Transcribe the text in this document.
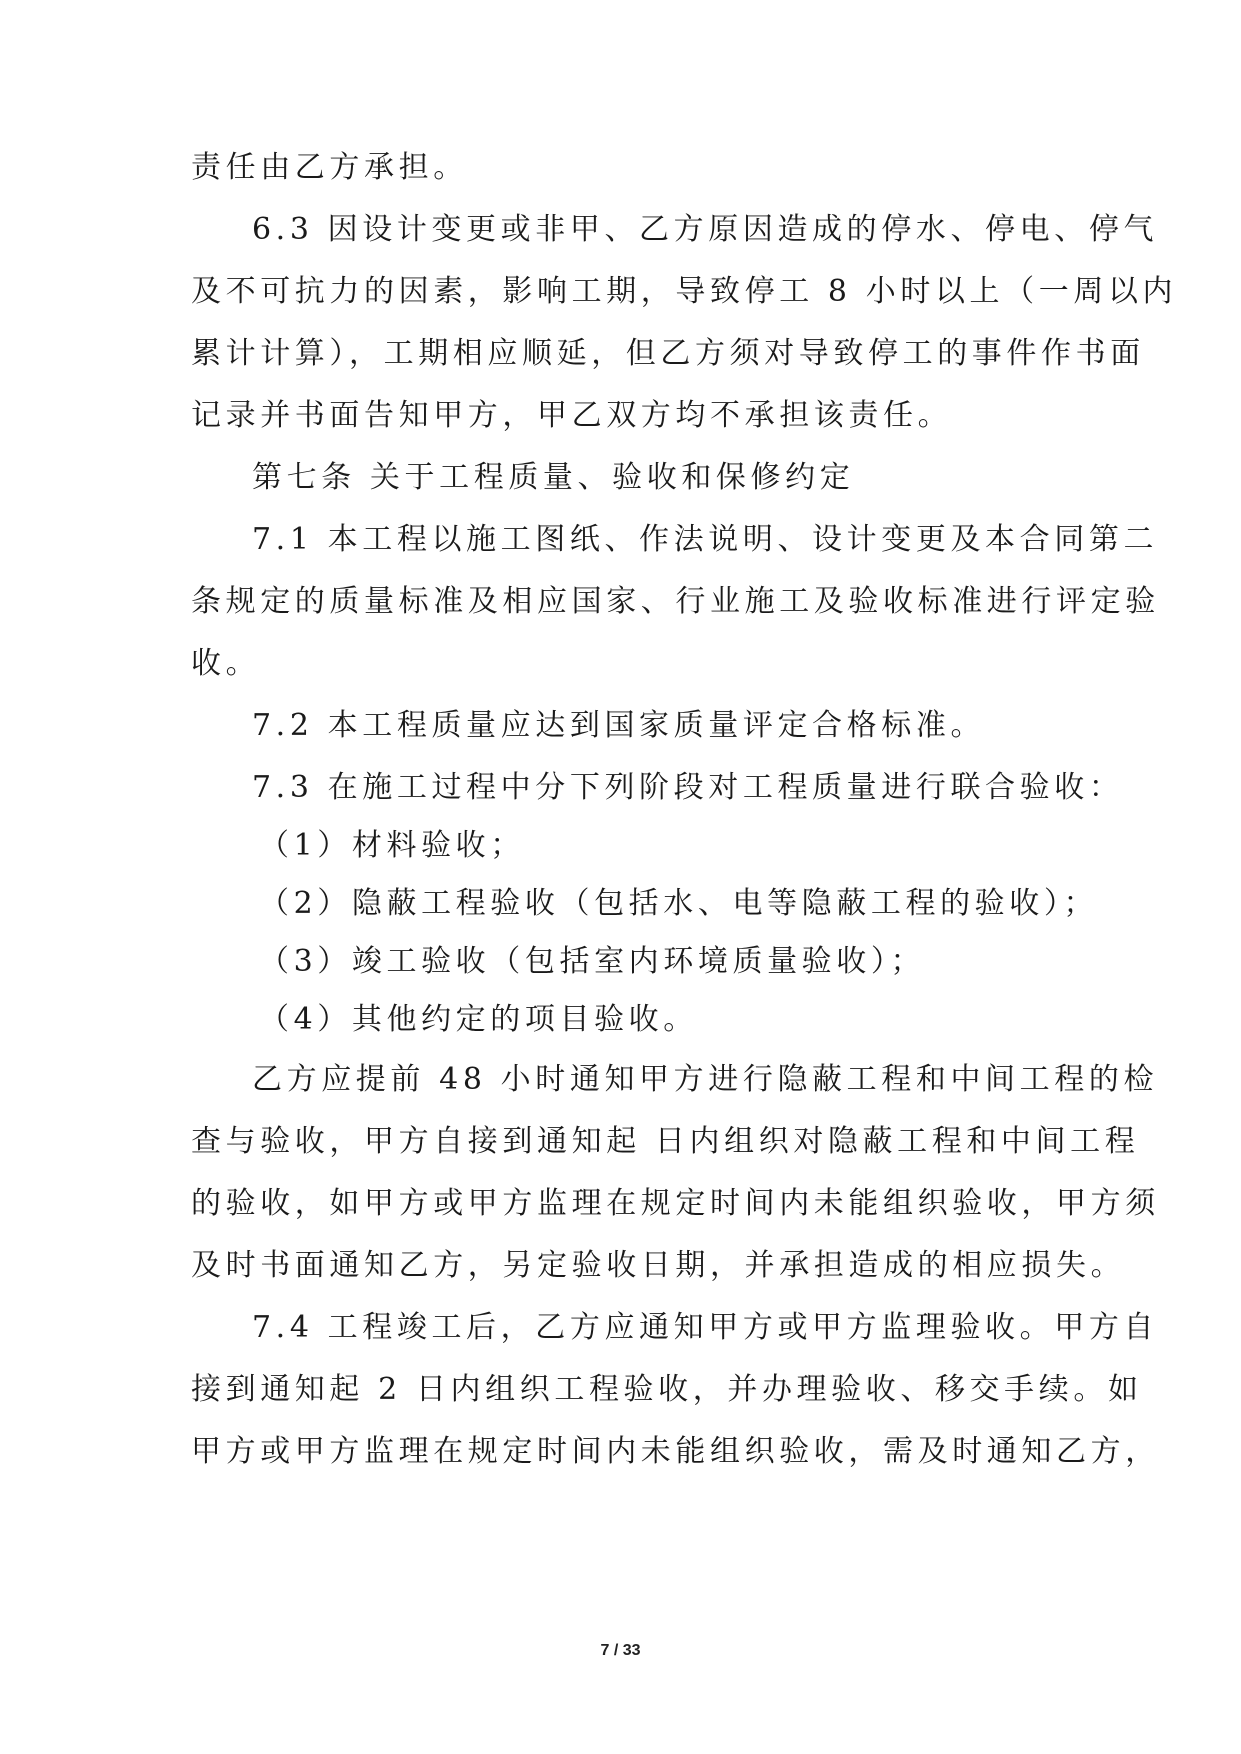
责任由乙方承担。
6.3 因设计变更或非甲、乙方原因造成的停水、停电、停气
及不可抗力的因素，影响工期，导致停工 8 小时以上（一周以内
累计计算），工期相应顺延，但乙方须对导致停工的事件作书面
记录并书面告知甲方，甲乙双方均不承担该责任。
第七条 关于工程质量、验收和保修约定
7.1 本工程以施工图纸、作法说明、设计变更及本合同第二
条规定的质量标准及相应国家、行业施工及验收标准进行评定验
收。
7.2 本工程质量应达到国家质量评定合格标准。
7.3 在施工过程中分下列阶段对工程质量进行联合验收：
（1）材料验收；
（2）隐蔽工程验收（包括水、电等隐蔽工程的验收）；
（3）竣工验收（包括室内环境质量验收）；
（4）其他约定的项目验收。
乙方应提前 48 小时通知甲方进行隐蔽工程和中间工程的检
查与验收，甲方自接到通知起 日内组织对隐蔽工程和中间工程
的验收，如甲方或甲方监理在规定时间内未能组织验收，甲方须
及时书面通知乙方，另定验收日期，并承担造成的相应损失。
7.4 工程竣工后，乙方应通知甲方或甲方监理验收。甲方自
接到通知起 2 日内组织工程验收，并办理验收、移交手续。如
甲方或甲方监理在规定时间内未能组织验收，需及时通知乙方，
7 / 33
